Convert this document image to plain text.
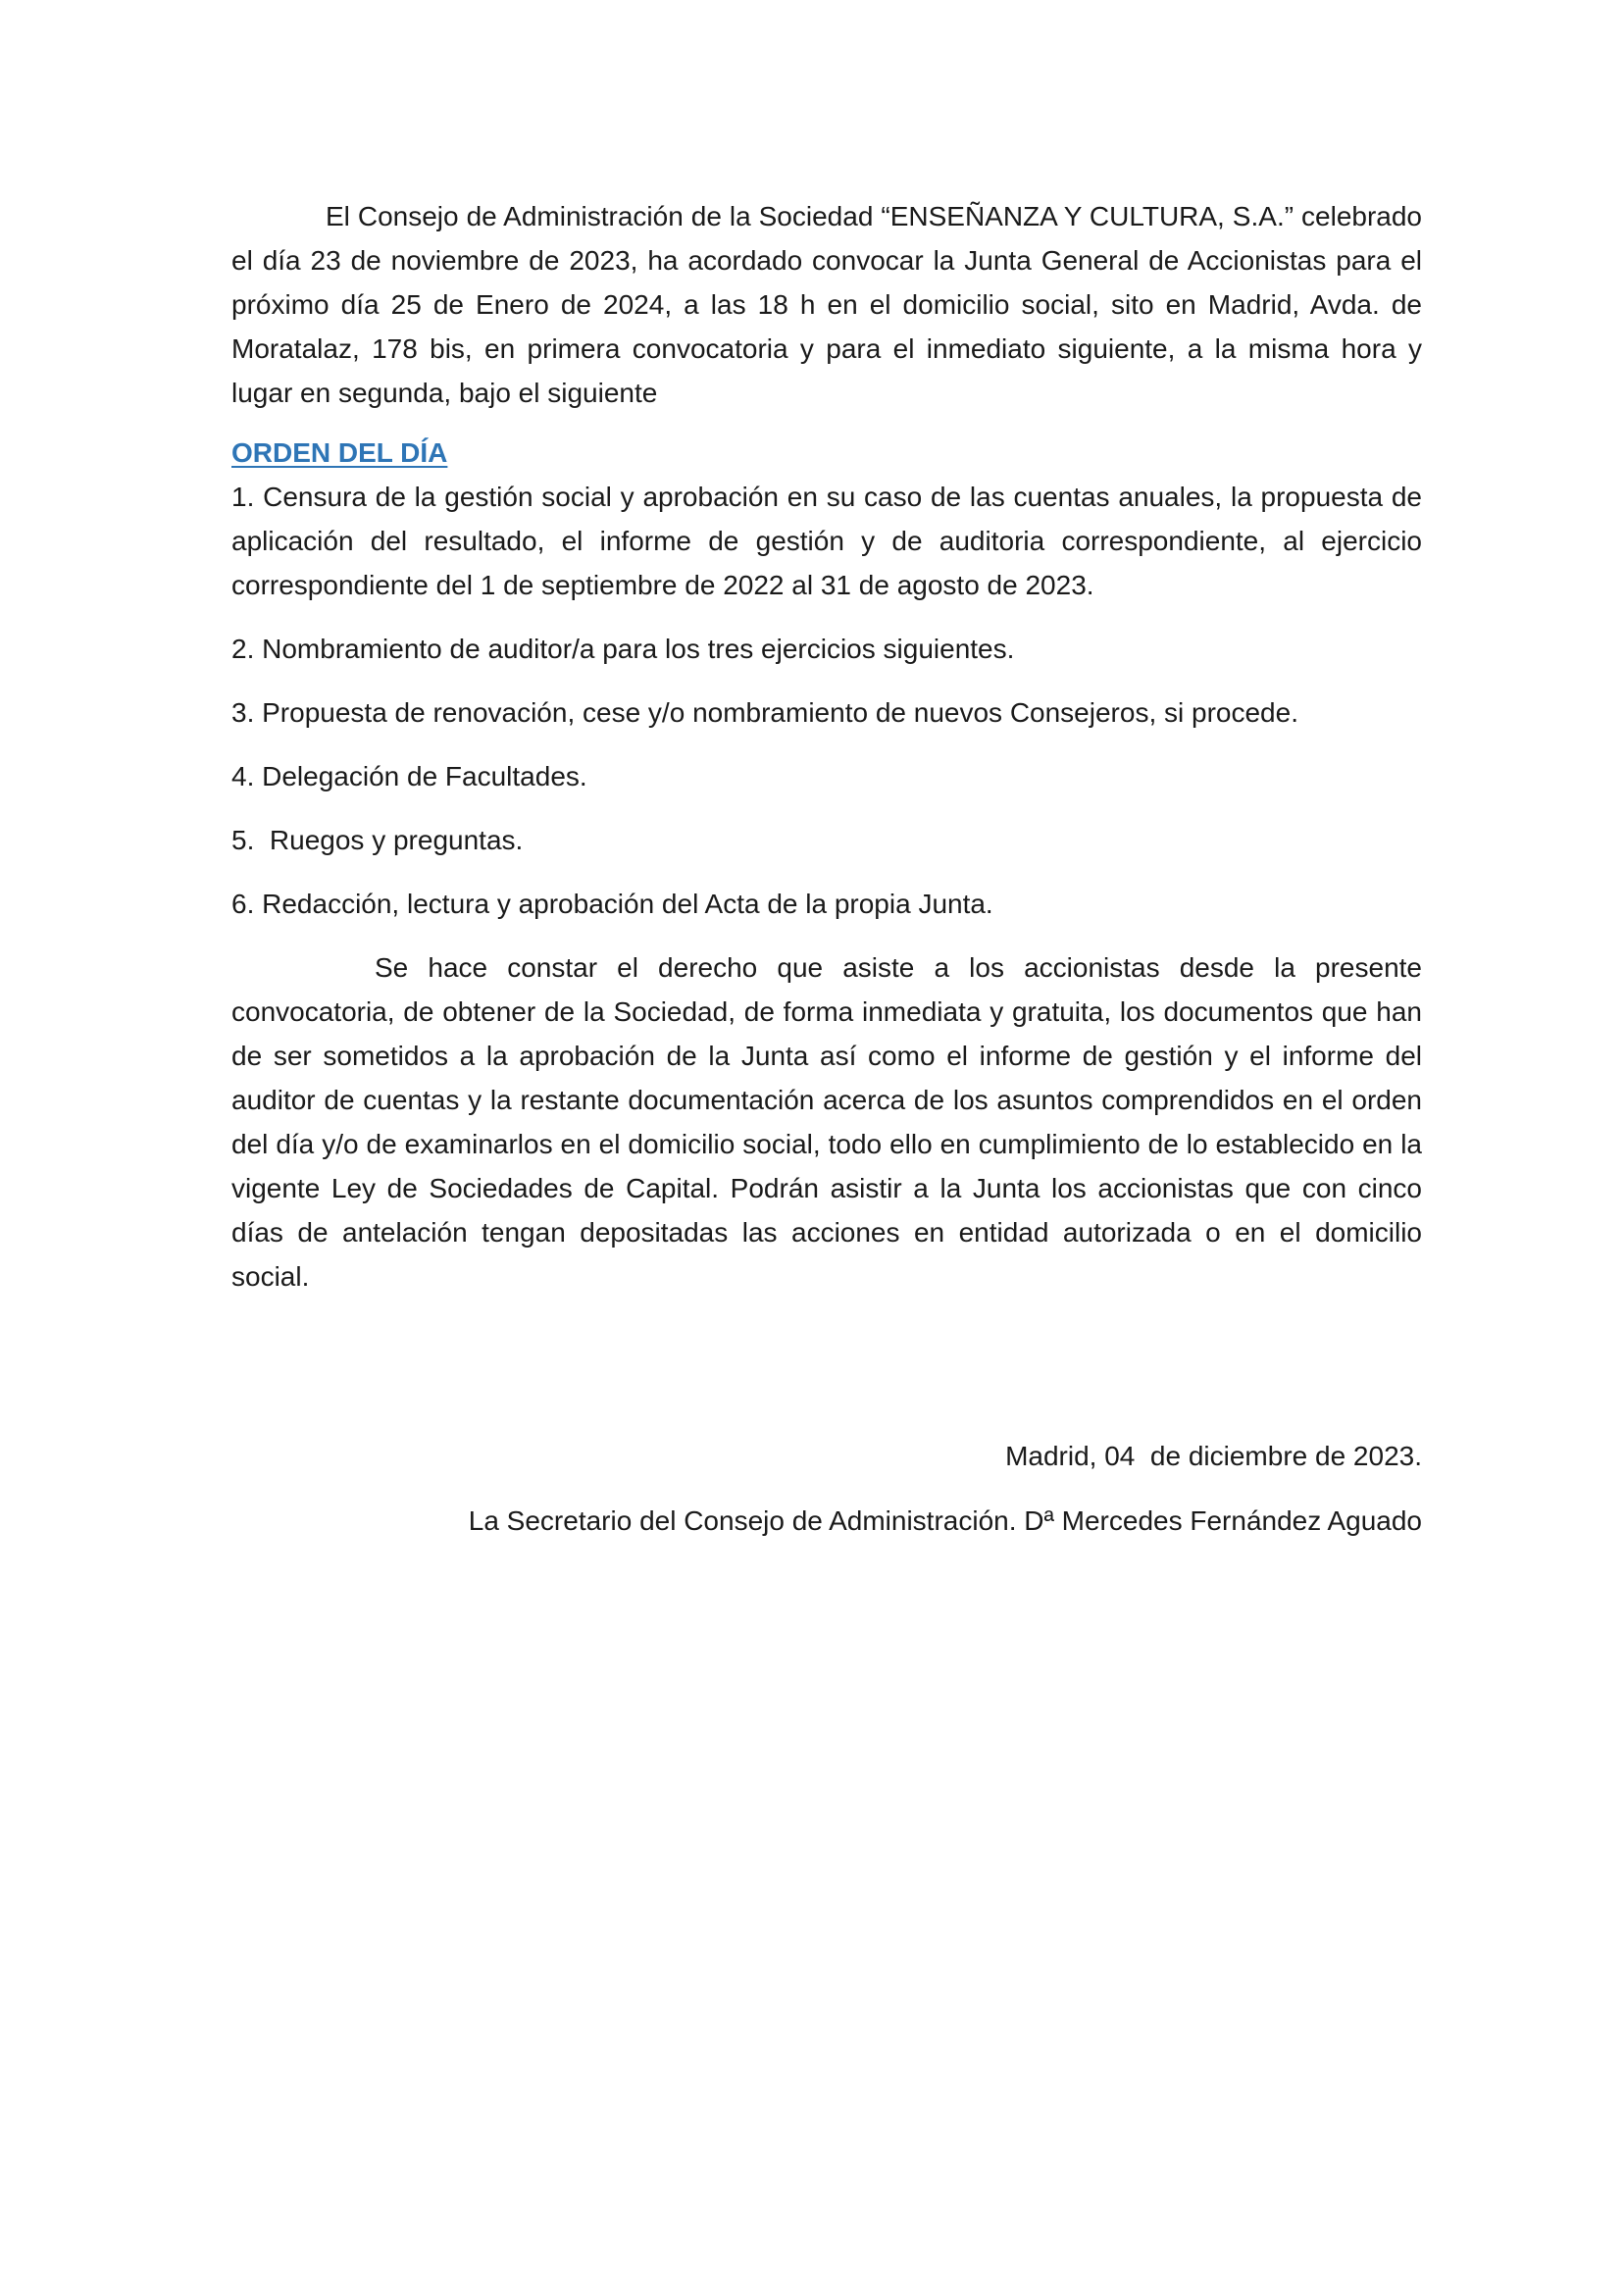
El Consejo de Administración de la Sociedad “ENSEÑANZA Y CULTURA, S.A.” celebrado el día 23 de noviembre de 2023, ha acordado convocar la Junta General de Accionistas para el próximo día 25 de Enero de 2024, a las 18 h en el domicilio social, sito en Madrid, Avda. de Moratalaz, 178 bis, en primera convocatoria y para el inmediato siguiente, a la misma hora y lugar en segunda, bajo el siguiente

ORDEN DEL DÍA

1. Censura de la gestión social y aprobación en su caso de las cuentas anuales, la propuesta de aplicación del resultado, el informe de gestión y de auditoria correspondiente, al ejercicio correspondiente del 1 de septiembre de 2022 al 31 de agosto de 2023.

2. Nombramiento de auditor/a para los tres ejercicios siguientes.

3. Propuesta de renovación, cese y/o nombramiento de nuevos Consejeros, si procede.

4. Delegación de Facultades.

5.  Ruegos y preguntas.

6. Redacción, lectura y aprobación del Acta de la propia Junta.

Se hace constar el derecho que asiste a los accionistas desde la presente convocatoria, de obtener de la Sociedad, de forma inmediata y gratuita, los documentos que han de ser sometidos a la aprobación de la Junta así como el informe de gestión y el informe del auditor de cuentas y la restante documentación acerca de los asuntos comprendidos en el orden del día y/o de examinarlos en el domicilio social, todo ello en cumplimiento de lo establecido en la vigente Ley de Sociedades de Capital. Podrán asistir a la Junta los accionistas que con cinco días de antelación tengan depositadas las acciones en entidad autorizada o en el domicilio social.

Madrid, 04  de diciembre de 2023.
La Secretario del Consejo de Administración. Dª Mercedes Fernández Aguado
